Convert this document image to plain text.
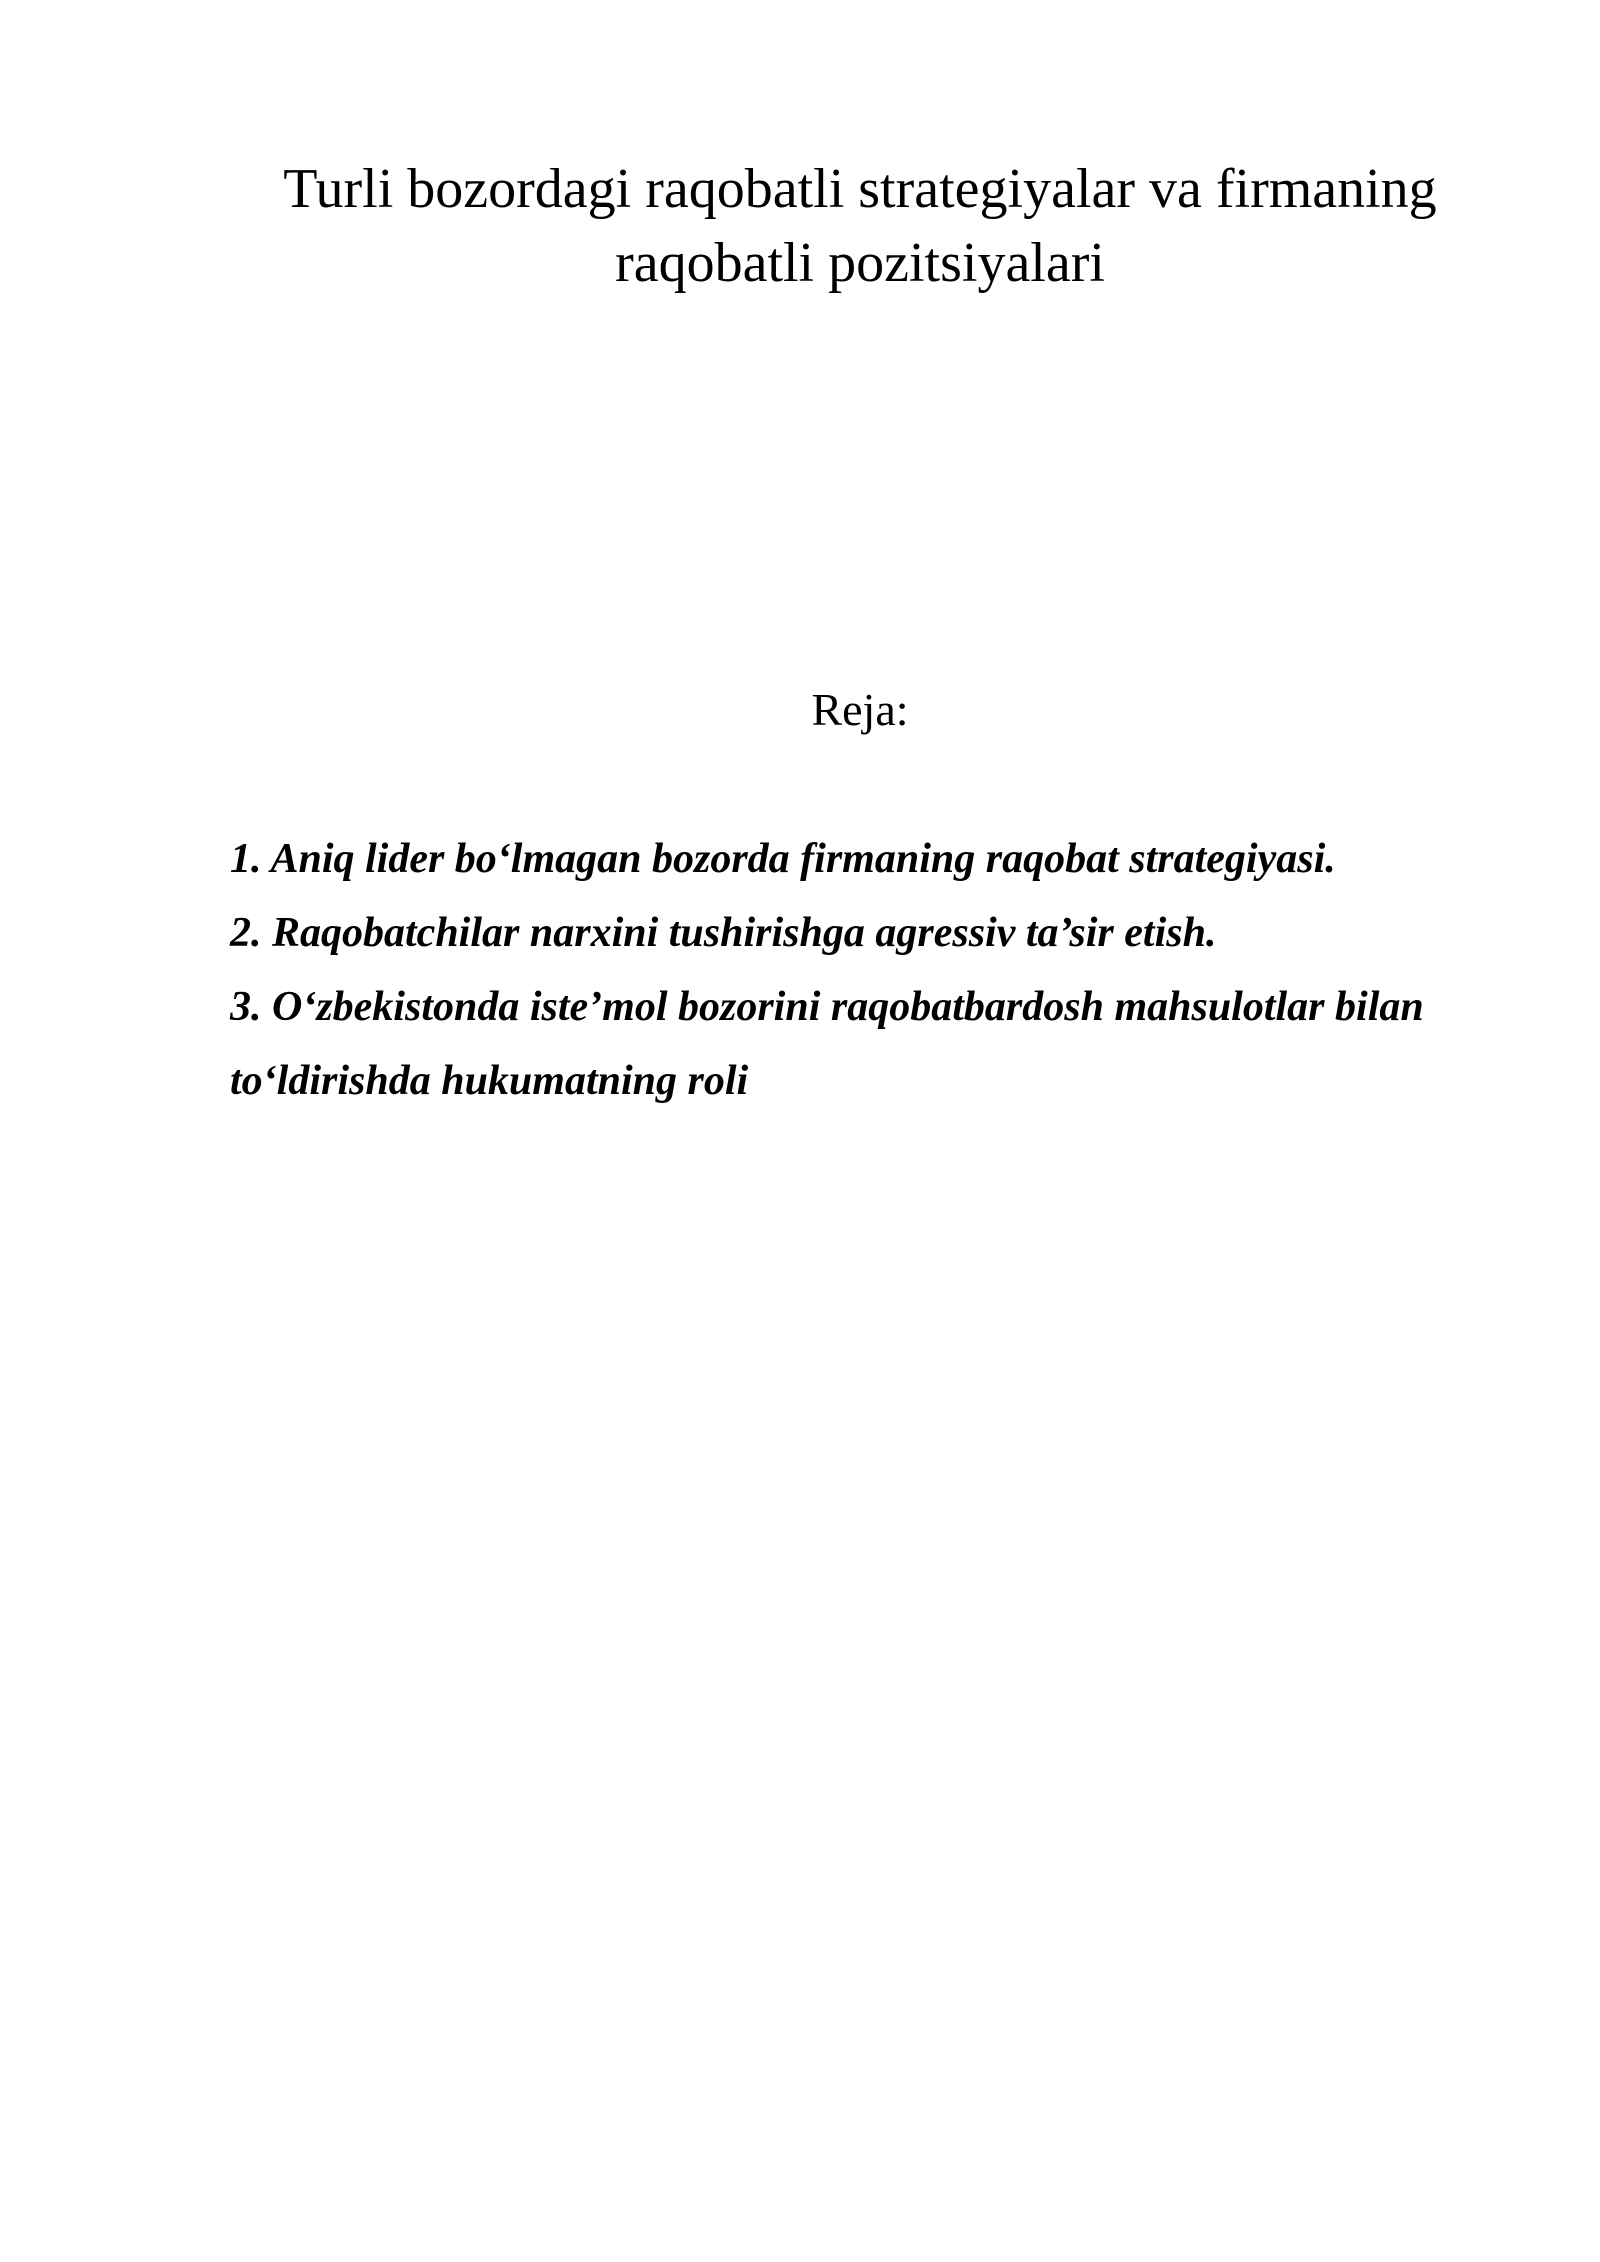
Turli bozordagi raqobatli strategiyalar va firmaning
raqobatli pozitsiyalari

Reja:

1. Aniq lider bo‘lmagan bozorda firmaning raqobat strategiyasi.
2. Raqobatchilar narxini tushirishga agressiv ta’sir etish.
3. O‘zbekistonda iste’mol bozorini raqobatbardosh mahsulotlar bilan
to‘ldirishda hukumatning roli
